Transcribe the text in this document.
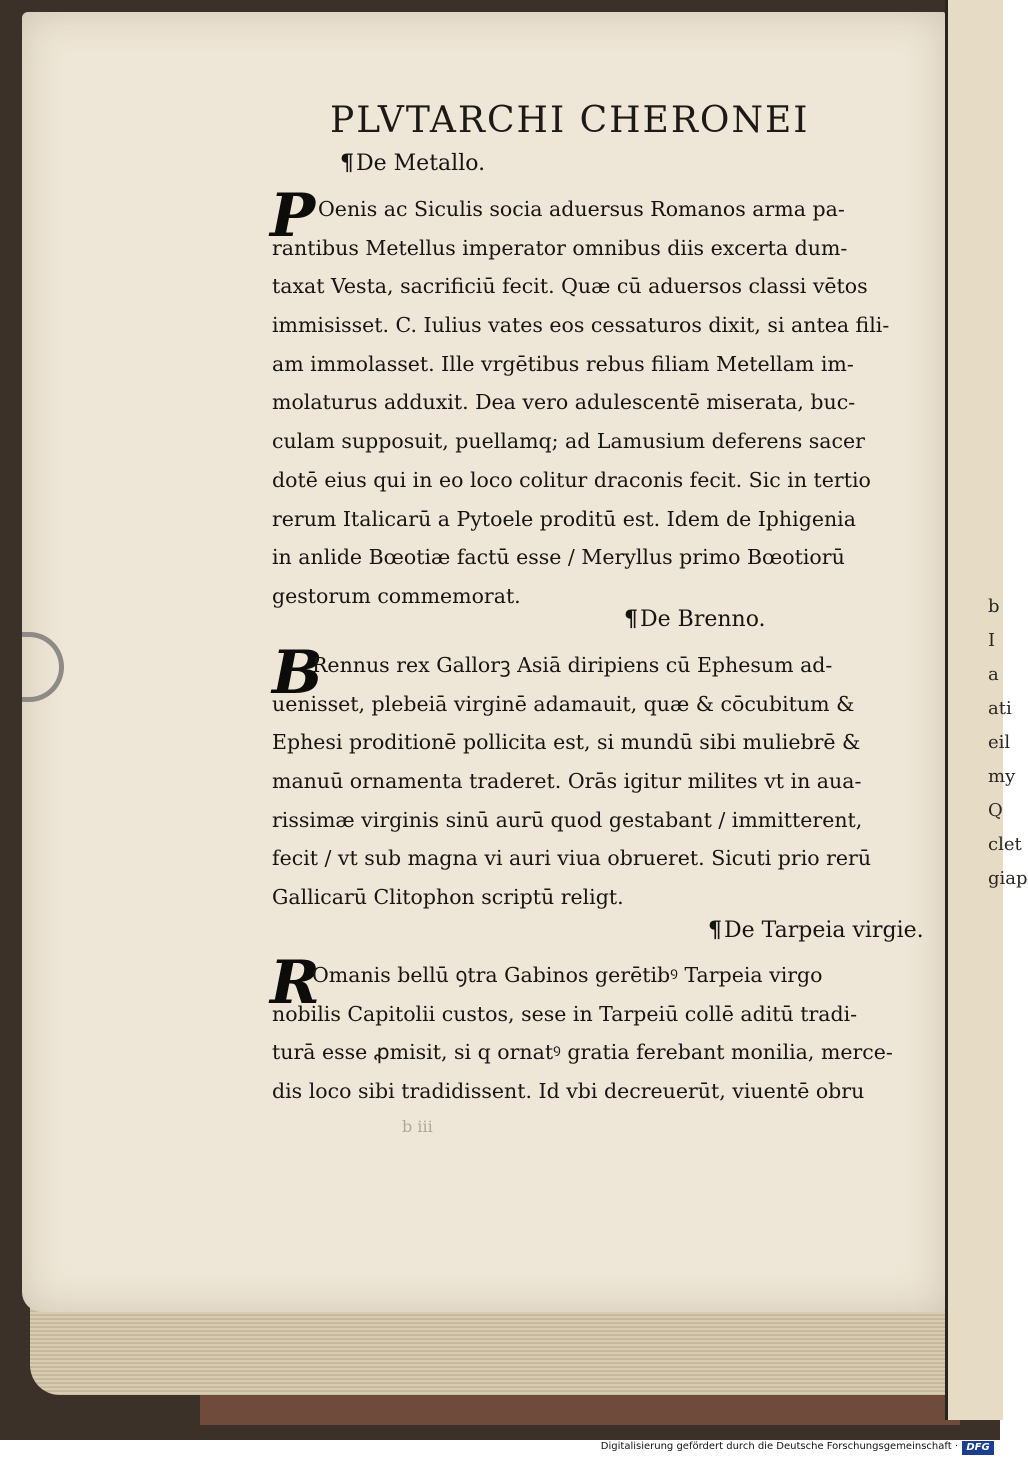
b
I
a
ati
eil
my
Q
clet
giap
PLVTARCHI CHERONEI
¶De Metallo.
P Oenis ac Siculis socia aduersus Romanos arma pa-
rantibus Metellus imperator omnibus diis excerta dum-
taxat Vesta, sacrificiū fecit. Quæ cū aduersos classi vētos
immisisset. C. Iulius vates eos cessaturos dixit, si antea fili-
am immolasset. Ille vrgētibus rebus filiam Metellam im-
molaturus adduxit. Dea vero adulescentē miserata, buc-
culam supposuit, puellamq; ad Lamusium deferens sacer
dotē eius qui in eo loco colitur draconis fecit. Sic in tertio
rerum Italicarū a Pytoele proditū est. Idem de Iphigenia
in anlide Bœotiæ factū esse / Meryllus primo Bœotiorū
gestorum commemorat.
¶De Brenno.
B
Rennus rex Gallorꝫ Asiā diripiens cū Ephesum ad-
uenisset, plebeiā virginē adamauit, quæ & cōcubitum &
Ephesi proditionē pollicita est, si mundū sibi muliebrē &
manuū ornamenta traderet. Orās igitur milites vt in aua-
rissimæ virginis sinū aurū quod gestabant / immitterent,
fecit / vt sub magna vi auri viua obrueret. Sicuti prio rerū
Gallicarū Clitophon scriptū religt.
¶De Tarpeia virgie.
R
Omanis bellū ꝯtra Gabinos gerētibꝰ Tarpeia virgo
nobilis Capitolii custos, sese in Tarpeiū collē aditū tradi-
turā esse ꝓmisit, si q ornatꝰ gratia ferebant monilia, merce-
dis loco sibi tradidissent. Id vbi decreuerūt, viuentē obru
b iii
Digitalisierung gefördert durch die Deutsche Forschungsgemeinschaft · DFG
